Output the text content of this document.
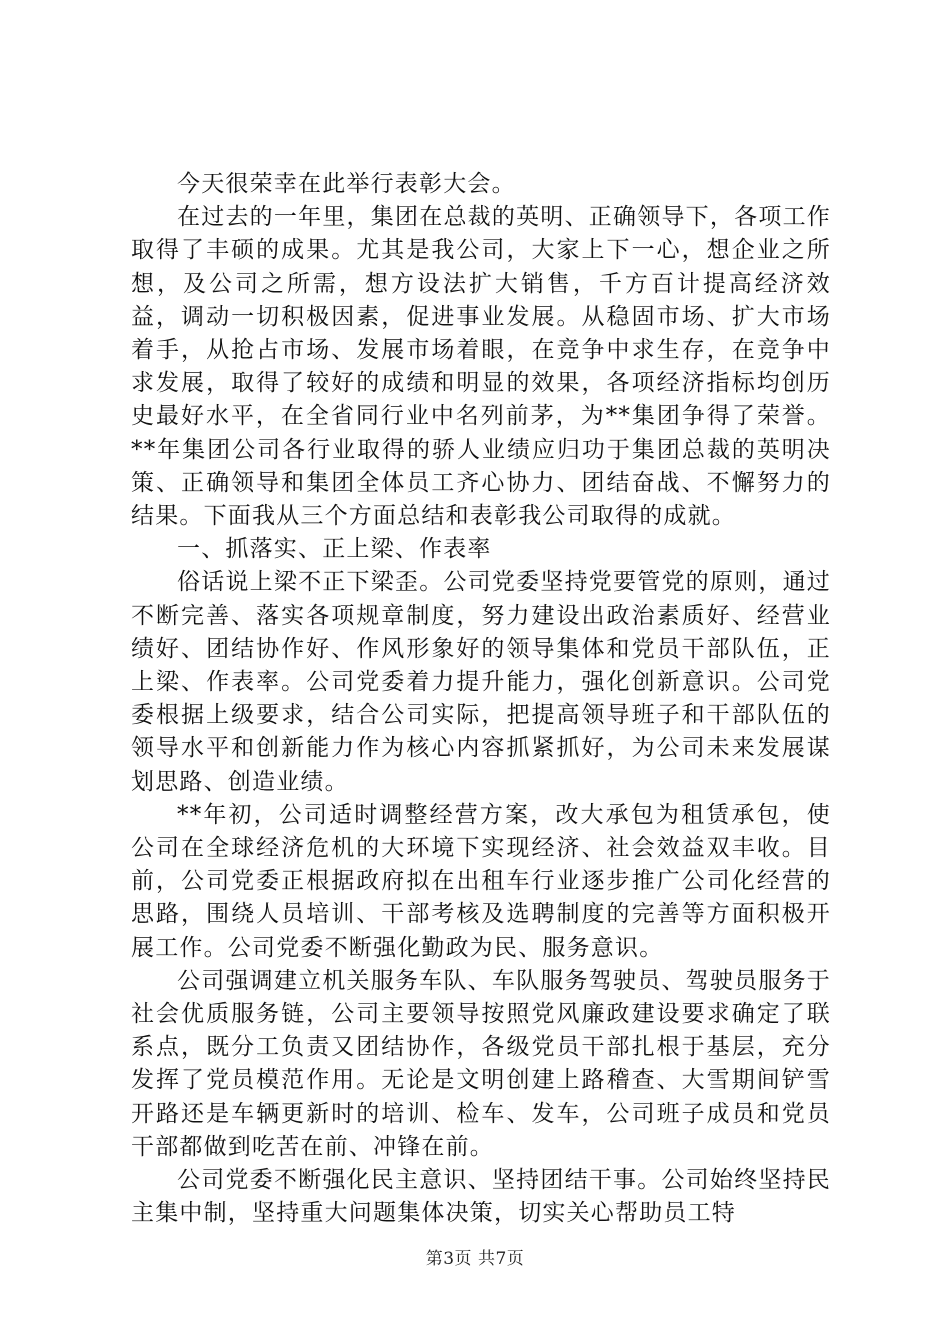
今天很荣幸在此举行表彰大会。

在过去的一年里，集团在总裁的英明、正确领导下，各项工作取得了丰硕的成果。尤其是我公司，大家上下一心，想企业之所想，及公司之所需，想方设法扩大销售，千方百计提高经济效益，调动一切积极因素，促进事业发展。从稳固市场、扩大市场着手，从抢占市场、发展市场着眼，在竞争中求生存，在竞争中求发展，取得了较好的成绩和明显的效果，各项经济指标均创历史最好水平，在全省同行业中名列前茅，为**集团争得了荣誉。**年集团公司各行业取得的骄人业绩应归功于集团总裁的英明决策、正确领导和集团全体员工齐心协力、团结奋战、不懈努力的结果。下面我从三个方面总结和表彰我公司取得的成就。

一、抓落实、正上梁、作表率

俗话说上梁不正下梁歪。公司党委坚持党要管党的原则，通过不断完善、落实各项规章制度，努力建设出政治素质好、经营业绩好、团结协作好、作风形象好的领导集体和党员干部队伍，正上梁、作表率。公司党委着力提升能力，强化创新意识。公司党委根据上级要求，结合公司实际，把提高领导班子和干部队伍的领导水平和创新能力作为核心内容抓紧抓好，为公司未来发展谋划思路、创造业绩。

**年初，公司适时调整经营方案，改大承包为租赁承包，使公司在全球经济危机的大环境下实现经济、社会效益双丰收。目前，公司党委正根据政府拟在出租车行业逐步推广公司化经营的思路，围绕人员培训、干部考核及选聘制度的完善等方面积极开展工作。公司党委不断强化勤政为民、服务意识。

公司强调建立机关服务车队、车队服务驾驶员、驾驶员服务于社会优质服务链，公司主要领导按照党风廉政建设要求确定了联系点，既分工负责又团结协作，各级党员干部扎根于基层，充分发挥了党员模范作用。无论是文明创建上路稽查、大雪期间铲雪开路还是车辆更新时的培训、检车、发车，公司班子成员和党员干部都做到吃苦在前、冲锋在前。

公司党委不断强化民主意识、坚持团结干事。公司始终坚持民主集中制，坚持重大问题集体决策，切实关心帮助员工特

第3页 共7页
